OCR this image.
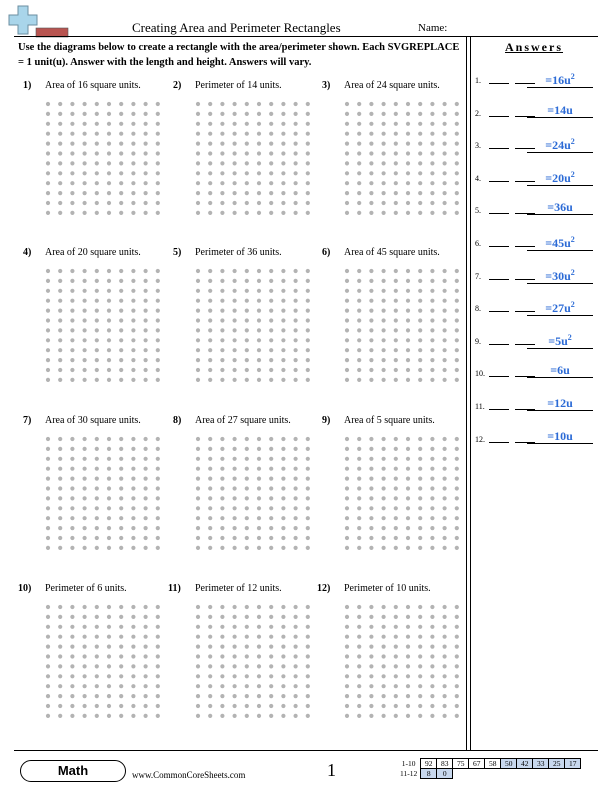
Creating Area and Perimeter Rectangles	Name:
Use the diagrams below to create a rectangle with the area/perimeter shown. Each SVGREPLACE = 1 unit(u). Answer with the length and height. Answers will vary.
1) Area of 16 square units.	2) Perimeter of 14 units.	3) Area of 24 square units.
4) Area of 20 square units.	5) Perimeter of 36 units.	6) Area of 45 square units.
7) Area of 30 square units.	8) Area of 27 square units.	9) Area of 5 square units.
10) Perimeter of 6 units.	11) Perimeter of 12 units.	12) Perimeter of 10 units.
Answers
1.	$=16u^2$
2.	=14u
3.	$=24u^2$
4.	$=20u^2$
5.	=36u
6.	$=45u^2$
7.	$=30u^2$
8.	$=27u^2$
9.	$=5u^2$
10.	=6u
11.	=12u
12.	=10u
Math	www.CommonCoreSheets.com	1	1-10	92	83	75	67	58	50	42	33	25	17
11-12	8	0								
